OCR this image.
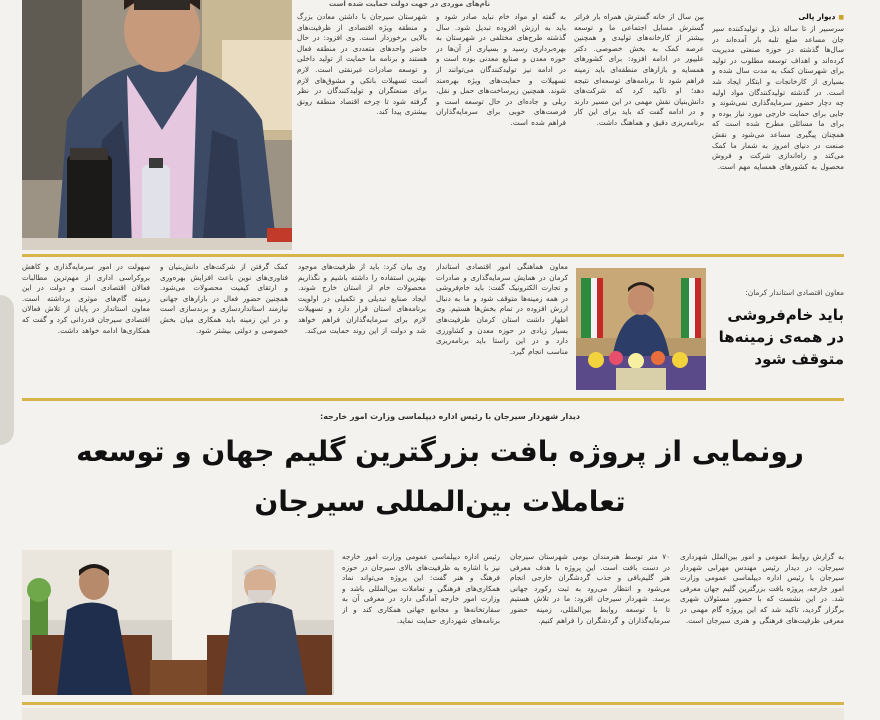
نام‌های موردی در جهت دولت حمایت شده است
شهرستان سیرجان با داشتن معادن بزرگ و منطقه ویژه اقتصادی از ظرفیت‌های بالایی برخوردار است. وی افزود: در حال حاضر واحدهای متعددی در منطقه فعال هستند و برنامه ما حمایت از تولید داخلی و توسعه صادرات غیرنفتی است. لازم است تسهیلات بانکی و مشوق‌های لازم برای صنعتگران و تولیدکنندگان در نظر گرفته شود تا چرخه اقتصاد منطقه رونق بیشتری پیدا کند.
به گفته او مواد خام نباید صادر شود و باید به ارزش افزوده تبدیل شود. سال گذشته طرح‌های مختلفی در شهرستان به بهره‌برداری رسید و بسیاری از آن‌ها در حوزه معدن و صنایع معدنی بوده است و در ادامه نیز تولیدکنندگان می‌توانند از تسهیلات و حمایت‌های ویژه بهره‌مند شوند. همچنین زیرساخت‌های حمل و نقل، ریلی و جاده‌ای در حال توسعه است و فرصت‌های خوبی برای سرمایه‌گذاران فراهم شده است.
بین سال از خانه گسترش همراه بار فراتر گسترش مسایل اجتماعی ما و توسعه بیشتر از کارخانه‌های تولیدی و همچنین عرصه کمک به بخش خصوصی. دکتر علیپور در ادامه افزود: برای کشورهای همسایه و بازارهای منطقه‌ای باید زمینه فراهم شود تا برنامه‌های توسعه‌ای نتیجه دهد؛ او تاکید کرد که شرکت‌های دانش‌بنیان نقش مهمی در این مسیر دارند و در ادامه گفت که باید برای این کار برنامه‌ریزی دقیق و هماهنگ داشت.
سرسبیر از تا ساله ذیل و تولیدکننده سیر جان مساعد ضلع تلبه بار آمده‌اند در سال‌ها گذشته در حوزه صنعتی مدیریت کرده‌اند و اهداف توسعه مطلوب در تولید برای شهرستان کمک به مدت سال شده و بسیاری از کارخانجات و ابتکار ایجاد شد است. در گذشته تولیدکنندگان مواد اولیه چه دچار حضور سرمایه‌گذاری نمی‌شوند و جایی برای حمایت خارجی مورد نیاز بوده و برای ما مسائلی مطرح شده است که همچنان پیگیری مساعد می‌شود و نقش صنعت در دنیای امروز به شمار ما کمک می‌کند و راه‌اندازی شرکت و فروش محصول به کشورهای همسایه مهم است.
■ دیوار پالی
سهولت در امور سرمایه‌گذاری و کاهش بروکراسی اداری از مهم‌ترین مطالبات فعالان اقتصادی است و دولت در این زمینه گام‌های موثری برداشته است. معاون استاندار در پایان از تلاش فعالان اقتصادی سیرجان قدردانی کرد و گفت که همکاری‌ها ادامه خواهد داشت.
کمک گرفتن از شرکت‌های دانش‌بنیان و فناوری‌های نوین باعث افزایش بهره‌وری و ارتقای کیفیت محصولات می‌شود. همچنین حضور فعال در بازارهای جهانی نیازمند استانداردسازی و برندسازی است و در این زمینه باید همکاری میان بخش خصوصی و دولتی بیشتر شود.
وی بیان کرد: باید از ظرفیت‌های موجود بهترین استفاده را داشته باشیم و نگذاریم محصولات خام از استان خارج شوند. ایجاد صنایع تبدیلی و تکمیلی در اولویت برنامه‌های استان قرار دارد و تسهیلات لازم برای سرمایه‌گذاران فراهم خواهد شد و دولت از این روند حمایت می‌کند.
معاون هماهنگی امور اقتصادی استاندار کرمان در همایش سرمایه‌گذاری و صادرات و تجارت الکترونیک گفت: باید خام‌فروشی در همه زمینه‌ها متوقف شود و ما به دنبال ارزش افزوده در تمام بخش‌ها هستیم. وی اظهار داشت استان کرمان ظرفیت‌های بسیار زیادی در حوزه معدن و کشاورزی دارد و در این راستا باید برنامه‌ریزی مناسب انجام گیرد.
معاون اقتصادی استاندار کرمان:
باید خام‌فروشی در همه‌ی زمینه‌ها متوقف شود
دیدار شهردار سیرجان با رئیس اداره دیپلماسی وزارت امور خارجه:
رونمایی از پروژه بافت بزرگترین گلیم جهان و توسعه
تعاملات بین‌المللی سیرجان
رئیس اداره دیپلماسی عمومی وزارت امور خارجه نیز با اشاره به ظرفیت‌های بالای سیرجان در حوزه فرهنگ و هنر گفت: این پروژه می‌تواند نماد همکاری‌های فرهنگی و تعاملات بین‌المللی باشد و وزارت امور خارجه آمادگی دارد در معرفی آن به سفارتخانه‌ها و مجامع جهانی همکاری کند و از برنامه‌های شهرداری حمایت نماید.
۷۰ متر توسط هنرمندان بومی شهرستان سیرجان در دست بافت است. این پروژه با هدف معرفی هنر گلیم‌بافی و جذب گردشگران خارجی انجام می‌شود و انتظار می‌رود به ثبت رکورد جهانی برسد. شهردار سیرجان افزود: ما در تلاش هستیم تا با توسعه روابط بین‌المللی، زمینه حضور سرمایه‌گذاران و گردشگران را فراهم کنیم.
به گزارش روابط عمومی و امور بین‌الملل شهرداری سیرجان، در دیدار رئیس مهندس مهرابی شهردار سیرجان با رئیس اداره دیپلماسی عمومی وزارت امور خارجه، پروژه بافت بزرگترین گلیم جهان معرفی شد. در این نشست که با حضور مسئولان شهری برگزار گردید، تاکید شد که این پروژه گام مهمی در معرفی ظرفیت‌های فرهنگی و هنری سیرجان است.
